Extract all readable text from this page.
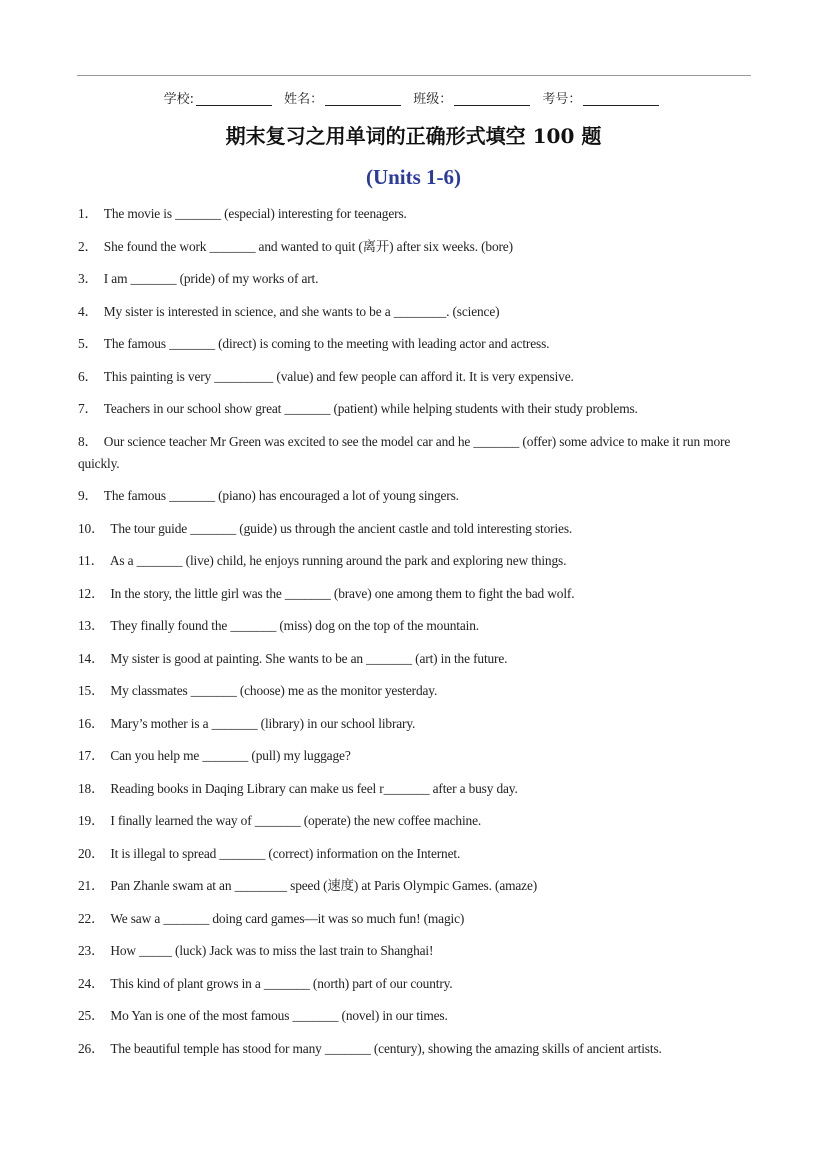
学校:	姓名：	班级：	考号：
期末复习之用单词的正确形式填空 100 题
(Units 1-6)
1． The movie is _______ (especial) interesting for teenagers.
2． She found the work _______ and wanted to quit (离开) after six weeks. (bore)
3． I am _______ (pride) of my works of art.
4． My sister is interested in science, and she wants to be a ________. (science)
5． The famous _______ (direct) is coming to the meeting with leading actor and actress.
6． This painting is very _________ (value) and few people can afford it. It is very expensive.
7． Teachers in our school show great _______ (patient) while helping students with their study problems.
8． Our science teacher Mr Green was excited to see the model car and he _______ (offer) some advice to make it run more quickly.
9． The famous _______ (piano) has encouraged a lot of young singers.
10． The tour guide _______ (guide) us through the ancient castle and told interesting stories.
11． As a _______ (live) child, he enjoys running around the park and exploring new things.
12． In the story, the little girl was the _______ (brave) one among them to fight the bad wolf.
13． They finally found the _______ (miss) dog on the top of the mountain.
14． My sister is good at painting. She wants to be an _______ (art) in the future.
15． My classmates _______ (choose) me as the monitor yesterday.
16． Mary’s mother is a _______ (library) in our school library.
17． Can you help me _______ (pull) my luggage?
18． Reading books in Daqing Library can make us feel r_______ after a busy day.
19． I finally learned the way of _______ (operate) the new coffee machine.
20． It is illegal to spread _______ (correct) information on the Internet.
21． Pan Zhanle swam at an ________ speed (速度) at Paris Olympic Games. (amaze)
22． We saw a _______ doing card games—it was so much fun! (magic)
23． How _____ (luck) Jack was to miss the last train to Shanghai!
24． This kind of plant grows in a _______ (north) part of our country.
25． Mo Yan is one of the most famous _______ (novel) in our times.
26． The beautiful temple has stood for many _______ (century), showing the amazing skills of ancient artists.
